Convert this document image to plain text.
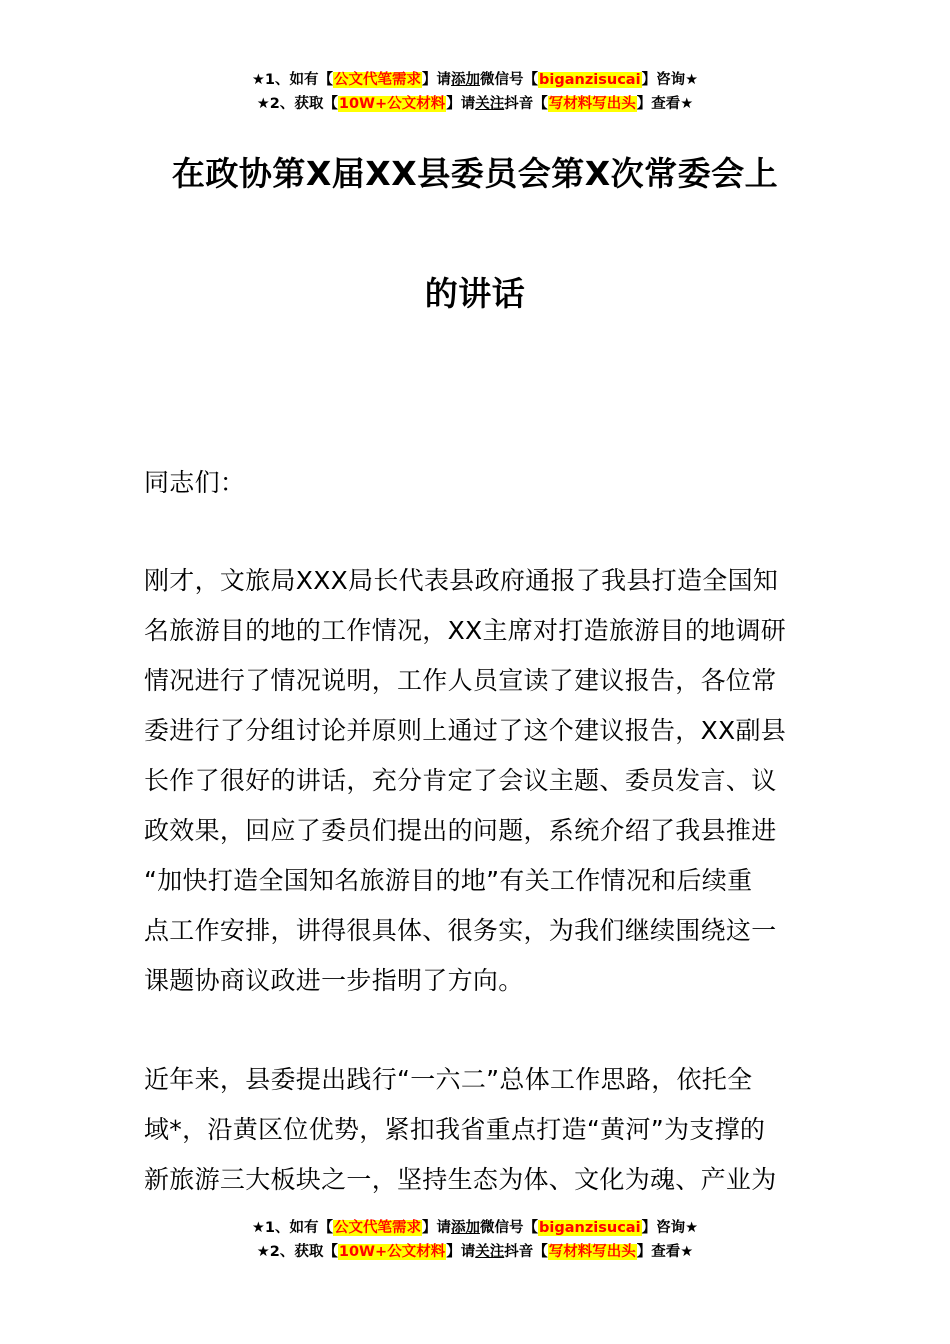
★1、如有【公文代笔需求】请添加微信号【biganzisucai】咨询★
★2、获取【10W+公文材料】请关注抖音【写材料写出头】查看★
在政协第Ⅹ届XX县委员会第Ⅹ次常委会上
的讲话
同志们：
刚才，文旅局XXX局长代表县政府通报了我县打造全国知
名旅游目的地的工作情况，XX主席对打造旅游目的地调研
情况进行了情况说明，工作人员宣读了建议报告，各位常
委进行了分组讨论并原则上通过了这个建议报告，XX副县
长作了很好的讲话，充分肯定了会议主题、委员发言、议
政效果，回应了委员们提出的问题，系统介绍了我县推进
“加快打造全国知名旅游目的地”有关工作情况和后续重
点工作安排，讲得很具体、很务实，为我们继续围绕这一
课题协商议政进一步指明了方向。
近年来，县委提出践行“一六二”总体工作思路，依托全
域*，沿黄区位优势，紧扣我省重点打造“黄河”为支撑的
新旅游三大板块之一，坚持生态为体、文化为魂、产业为
★1、如有【公文代笔需求】请添加微信号【biganzisucai】咨询★
★2、获取【10W+公文材料】请关注抖音【写材料写出头】查看★
